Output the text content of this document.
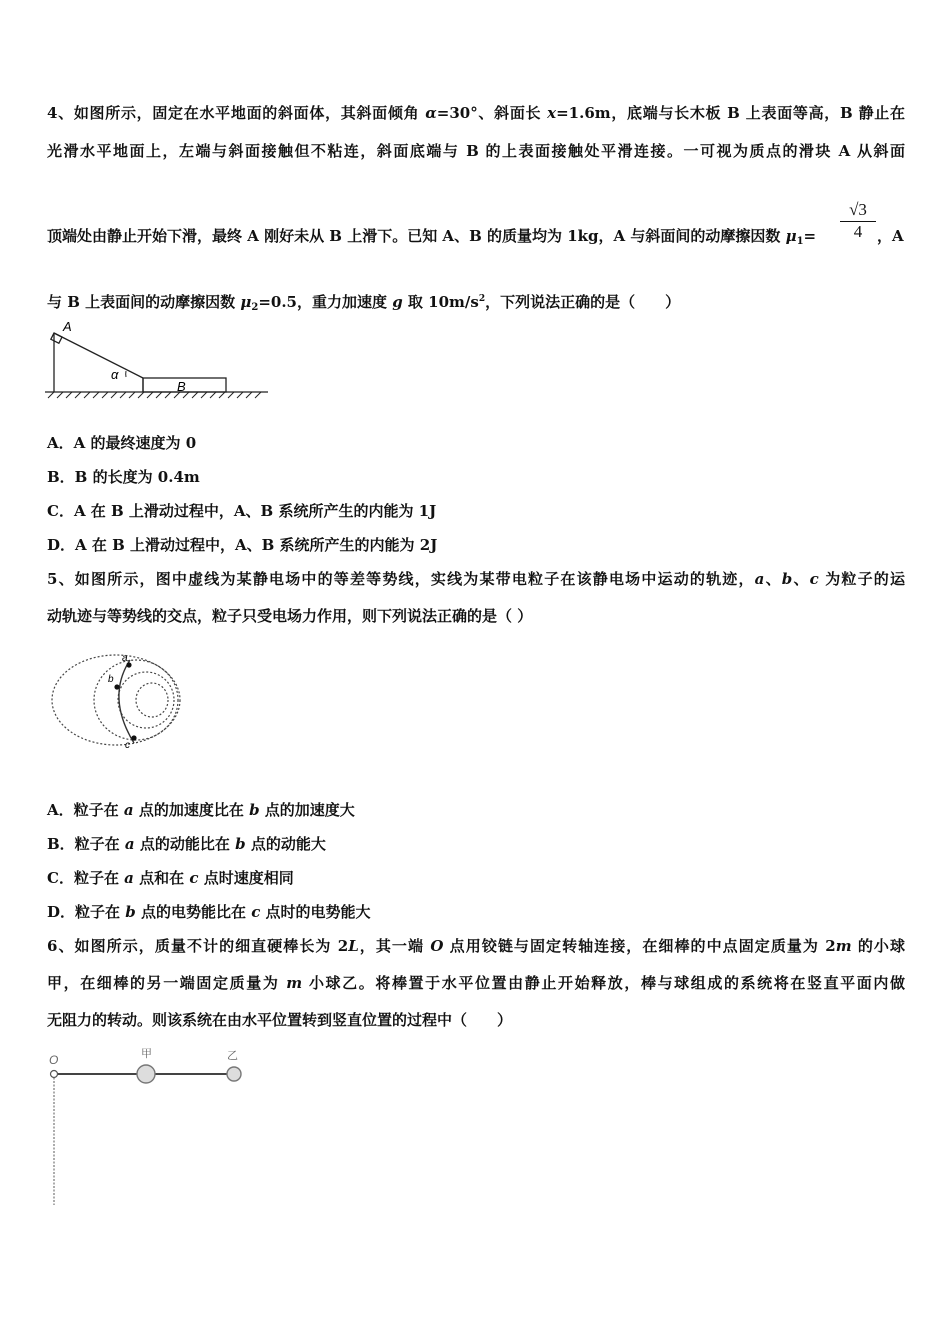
4、如图所示，固定在水平地面的斜面体，其斜面倾角 α=30°、斜面长 x=1.6m，底端与长木板 B 上表面等高，B 静止在
光滑水平地面上，左端与斜面接触但不粘连，斜面底端与 B 的上表面接触处平滑连接。一可视为质点的滑块 A 从斜面
顶端处由静止开始下滑，最终 A 刚好未从 B 上滑下。已知 A、B 的质量均为 1kg，A 与斜面间的动摩擦因数 $\mu_1= \frac{√3}{4}$ ，A
与 B 上表面间的动摩擦因数 $\mu_2=0.5$，重力加速度 g 取 $10m/s^2$，下列说法正确的是（　　）
A
B
α
A．A 的最终速度为 0
B．B 的长度为 0.4m
C．A 在 B 上滑动过程中，A、B 系统所产生的内能为 1J
D．A 在 B 上滑动过程中，A、B 系统所产生的内能为 2J
5、如图所示，图中虚线为某静电场中的等差等势线，实线为某带电粒子在该静电场中运动的轨迹，a、b、c 为粒子的运
动轨迹与等势线的交点，粒子只受电场力作用，则下列说法正确的是（ ）
a
b
c
A．粒子在 a 点的加速度比在 b 点的加速度大
B．粒子在 a 点的动能比在 b 点的动能大
C．粒子在 a 点和在 c 点时速度相同
D．粒子在 b 点的电势能比在 c 点时的电势能大
6、如图所示，质量不计的细直硬棒长为 2L，其一端 O 点用铰链与固定转轴连接，在细棒的中点固定质量为 2m 的小球
甲，在细棒的另一端固定质量为 m 小球乙。将棒置于水平位置由静止开始释放，棒与球组成的系统将在竖直平面内做
无阻力的转动。则该系统在由水平位置转到竖直位置的过程中（　　）
O	甲	乙
